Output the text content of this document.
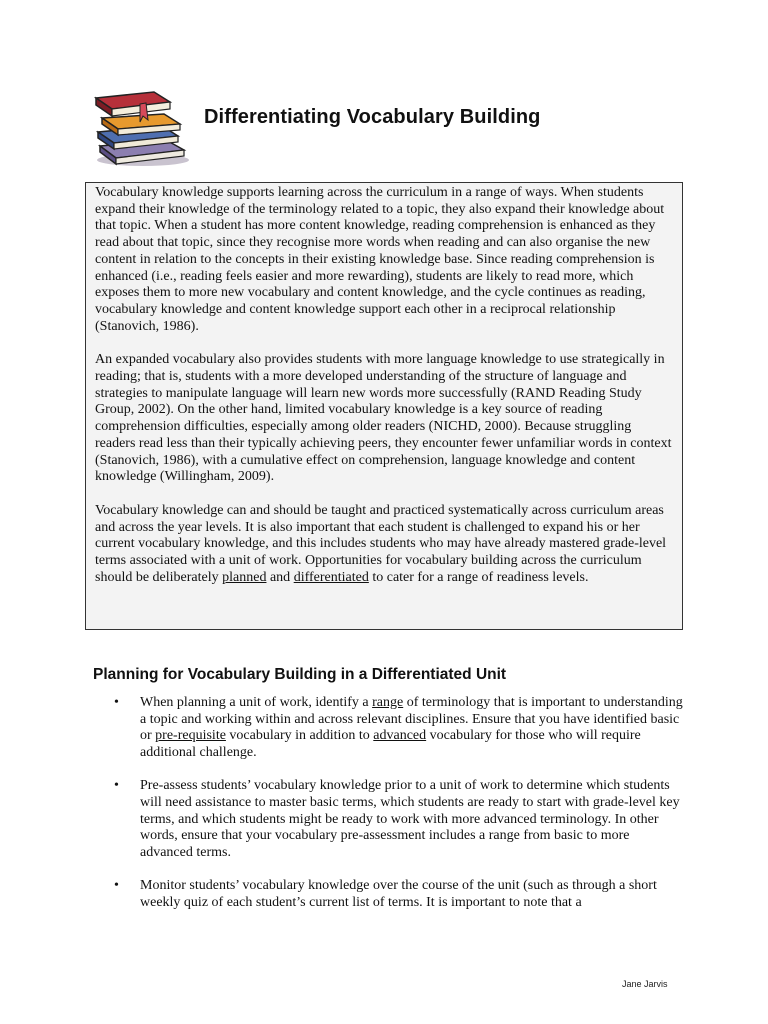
Differentiating Vocabulary Building

Vocabulary knowledge supports learning across the curriculum in a range of ways. When students expand their knowledge of the terminology related to a topic, they also expand their knowledge about that topic. When a student has more content knowledge, reading comprehension is enhanced as they read about that topic, since they recognise more words when reading and can also organise the new content in relation to the concepts in their existing knowledge base. Since reading comprehension is enhanced (i.e., reading feels easier and more rewarding), students are likely to read more, which exposes them to more new vocabulary and content knowledge, and the cycle continues as reading, vocabulary knowledge and content knowledge support each other in a reciprocal relationship (Stanovich, 1986).

An expanded vocabulary also provides students with more language knowledge to use strategically in reading; that is, students with a more developed understanding of the structure of language and strategies to manipulate language will learn new words more successfully (RAND Reading Study Group, 2002). On the other hand, limited vocabulary knowledge is a key source of reading comprehension difficulties, especially among older readers (NICHD, 2000). Because struggling readers read less than their typically achieving peers, they encounter fewer unfamiliar words in context (Stanovich, 1986), with a cumulative effect on comprehension, language knowledge and content knowledge (Willingham, 2009).

Vocabulary knowledge can and should be taught and practiced systematically across curriculum areas and across the year levels. It is also important that each student is challenged to expand his or her current vocabulary knowledge, and this includes students who may have already mastered grade-level terms associated with a unit of work. Opportunities for vocabulary building across the curriculum should be deliberately planned and differentiated to cater for a range of readiness levels.

Planning for Vocabulary Building in a Differentiated Unit
• When planning a unit of work, identify a range of terminology that is important to understanding a topic and working within and across relevant disciplines. Ensure that you have identified basic or pre-requisite vocabulary in addition to advanced vocabulary for those who will require additional challenge.
• Pre-assess students’ vocabulary knowledge prior to a unit of work to determine which students will need assistance to master basic terms, which students are ready to start with grade-level key terms, and which students might be ready to work with more advanced terminology. In other words, ensure that your vocabulary pre-assessment includes a range from basic to more advanced terms.
• Monitor students’ vocabulary knowledge over the course of the unit (such as through a short weekly quiz of each student’s current list of terms. It is important to note that a
Jane Jarvis
